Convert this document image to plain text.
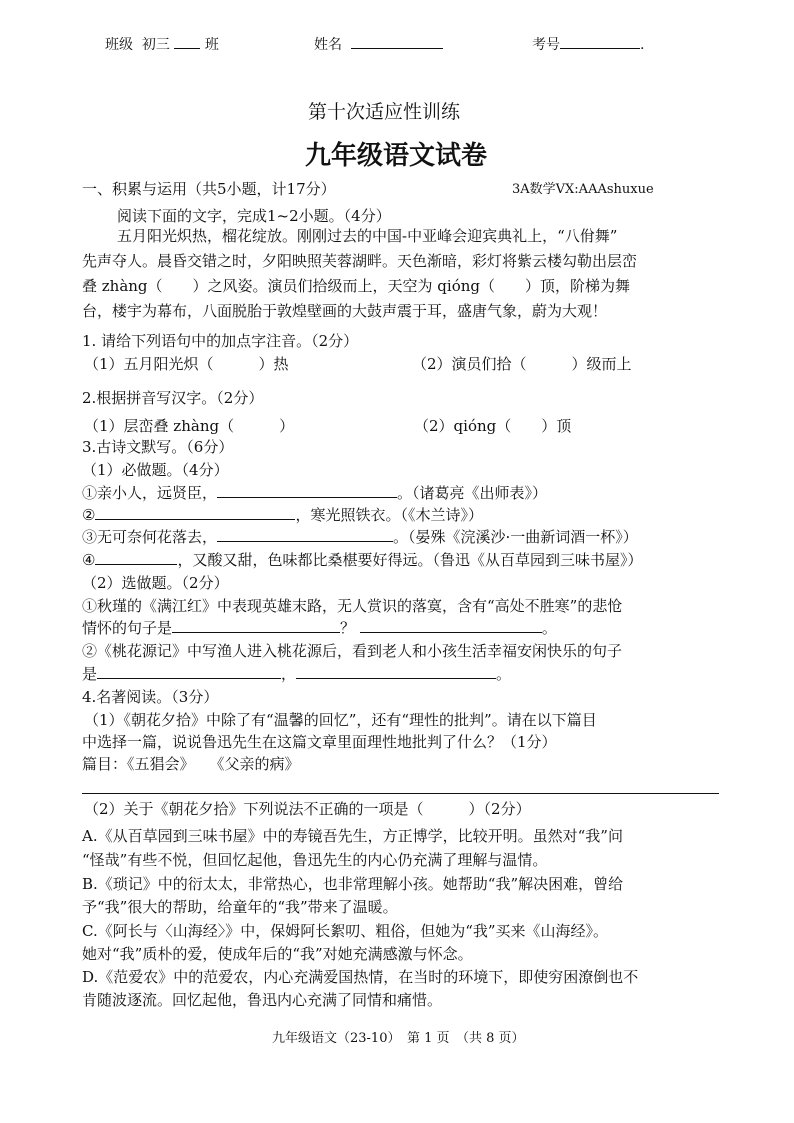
班级 初三 班	姓名	考号	.
第十次适应性训练
九年级语文试卷
一、积累与运用（共5小题，计17分）	3A数学VX:AAAshuxue
阅读下面的文字，完成1~2小题。（4分）
五月阳光炽热，榴花绽放。刚刚过去的中国-中亚峰会迎宾典礼上，“八佾舞”
先声夺人。晨昏交错之时，夕阳映照芙蓉湖畔。天色渐暗，彩灯将紫云楼勾勒出层峦
叠 zhàng（　　）之风姿。演员们拾级而上，天空为 qióng（　　）顶，阶梯为舞
台，楼宇为幕布，八面脱胎于敦煌壁画的大鼓声震于耳，盛唐气象，蔚为大观！
1. 请给下列语句中的加点字注音。（2分）
（1）五月阳光炽（　　　）热	（2）演员们拾（　　　）级而上
2.根据拼音写汉字。（2分）
（1）层峦叠 zhàng（　　　）	（2）qióng（　　）顶
3.古诗文默写。（6分）
（1）必做题。（4分）
①亲小人，远贤臣，	。（诸葛亮《出师表》）
②	，寒光照铁衣。（《木兰诗》）
③无可奈何花落去，	。（晏殊《浣溪沙·一曲新词酒一杯》）
④	，又酸又甜，色味都比桑椹要好得远。（鲁迅《从百草园到三味书屋》）
（2）选做题。（2分）
①秋瑾的《满江红》中表现英雄末路，无人赏识的落寞，含有“高处不胜寒”的悲怆
情怀的句子是	？	。
②《桃花源记》中写渔人进入桃花源后，看到老人和小孩生活幸福安闲快乐的句子
是	，	。
4.名著阅读。（3分）
（1）《朝花夕拾》中除了有“温馨的回忆”，还有“理性的批判”。请在以下篇目
中选择一篇，说说鲁迅先生在这篇文章里面理性地批判了什么？（1分）
篇目：《五猖会》　　《父亲的病》
（2）关于《朝花夕拾》下列说法不正确的一项是（　　　）（2分）
A.《从百草园到三味书屋》中的寿镜吾先生，方正博学，比较开明。虽然对“我”问
“怪哉”有些不悦，但回忆起他，鲁迅先生的内心仍充满了理解与温情。
B.《琐记》中的衍太太，非常热心，也非常理解小孩。她帮助“我”解决困难，曾给
予“我”很大的帮助，给童年的“我”带来了温暖。
C.《阿长与〈山海经〉》中，保姆阿长絮叨、粗俗，但她为“我”买来《山海经》。
她对“我”质朴的爱，使成年后的“我”对她充满感激与怀念。
D.《范爱农》中的范爱农，内心充满爱国热情，在当时的环境下，即使穷困潦倒也不
肯随波逐流。回忆起他，鲁迅内心充满了同情和痛惜。
九年级语文（23-10）　第 1 页　（共 8 页）
